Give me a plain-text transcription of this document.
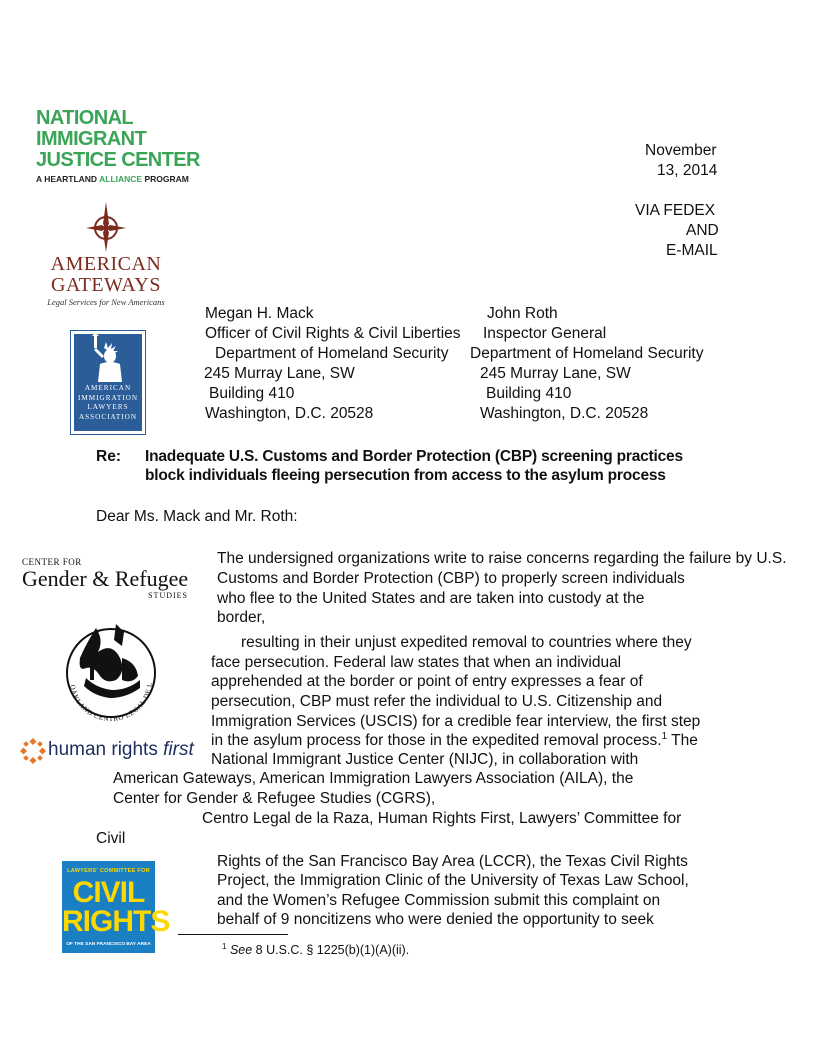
NATIONAL
IMMIGRANT
JUSTICE CENTER
A HEARTLAND ALLIANCE PROGRAM
AMERICAN
GATEWAYS
Legal Services for New Americans
AMERICAN
IMMIGRATION
LAWYERS
ASSOCIATION
CENTER FOR
Gender & Refugee
STUDIES
OAKLAND CENTRO LEGAL DE L
human rights first
LAWYERS' COMMITTEE FOR
CIVIL
RIGHTS
OF THE SAN FRANCISCO BAY AREA
November
13, 2014
VIA FEDEX
AND
E-MAIL
Megan H. Mack	John Roth
Officer of Civil Rights & Civil Liberties Inspector General
Department of Homeland Security Department of Homeland Security
245 Murray Lane, SW	245 Murray Lane, SW
Building 410	Building 410
Washington, D.C. 20528	Washington, D.C. 20528
Re: Inadequate U.S. Customs and Border Protection (CBP) screening practices
block individuals fleeing persecution from access to the asylum process
Dear Ms. Mack and Mr. Roth:
The undersigned organizations write to raise concerns regarding the failure by U.S.
Customs and Border Protection (CBP) to properly screen individuals
who flee to the United States and are taken into custody at the
border,
resulting in their unjust expedited removal to countries where they
face persecution. Federal law states that when an individual
apprehended at the border or point of entry expresses a fear of
persecution, CBP must refer the individual to U.S. Citizenship and
Immigration Services (USCIS) for a credible fear interview, the first step
in the asylum process for those in the expedited removal process.$^1$ The
National Immigrant Justice Center (NIJC), in collaboration with
American Gateways, American Immigration Lawyers Association (AILA), the
Center for Gender & Refugee Studies (CGRS),
Centro Legal de la Raza, Human Rights First, Lawyers’ Committee for
Civil
Rights of the San Francisco Bay Area (LCCR), the Texas Civil Rights
Project, the Immigration Clinic of the University of Texas Law School,
and the Women’s Refugee Commission submit this complaint on
behalf of 9 noncitizens who were denied the opportunity to seek
$^1$ See 8 U.S.C. § 1225(b)(1)(A)(ii).
